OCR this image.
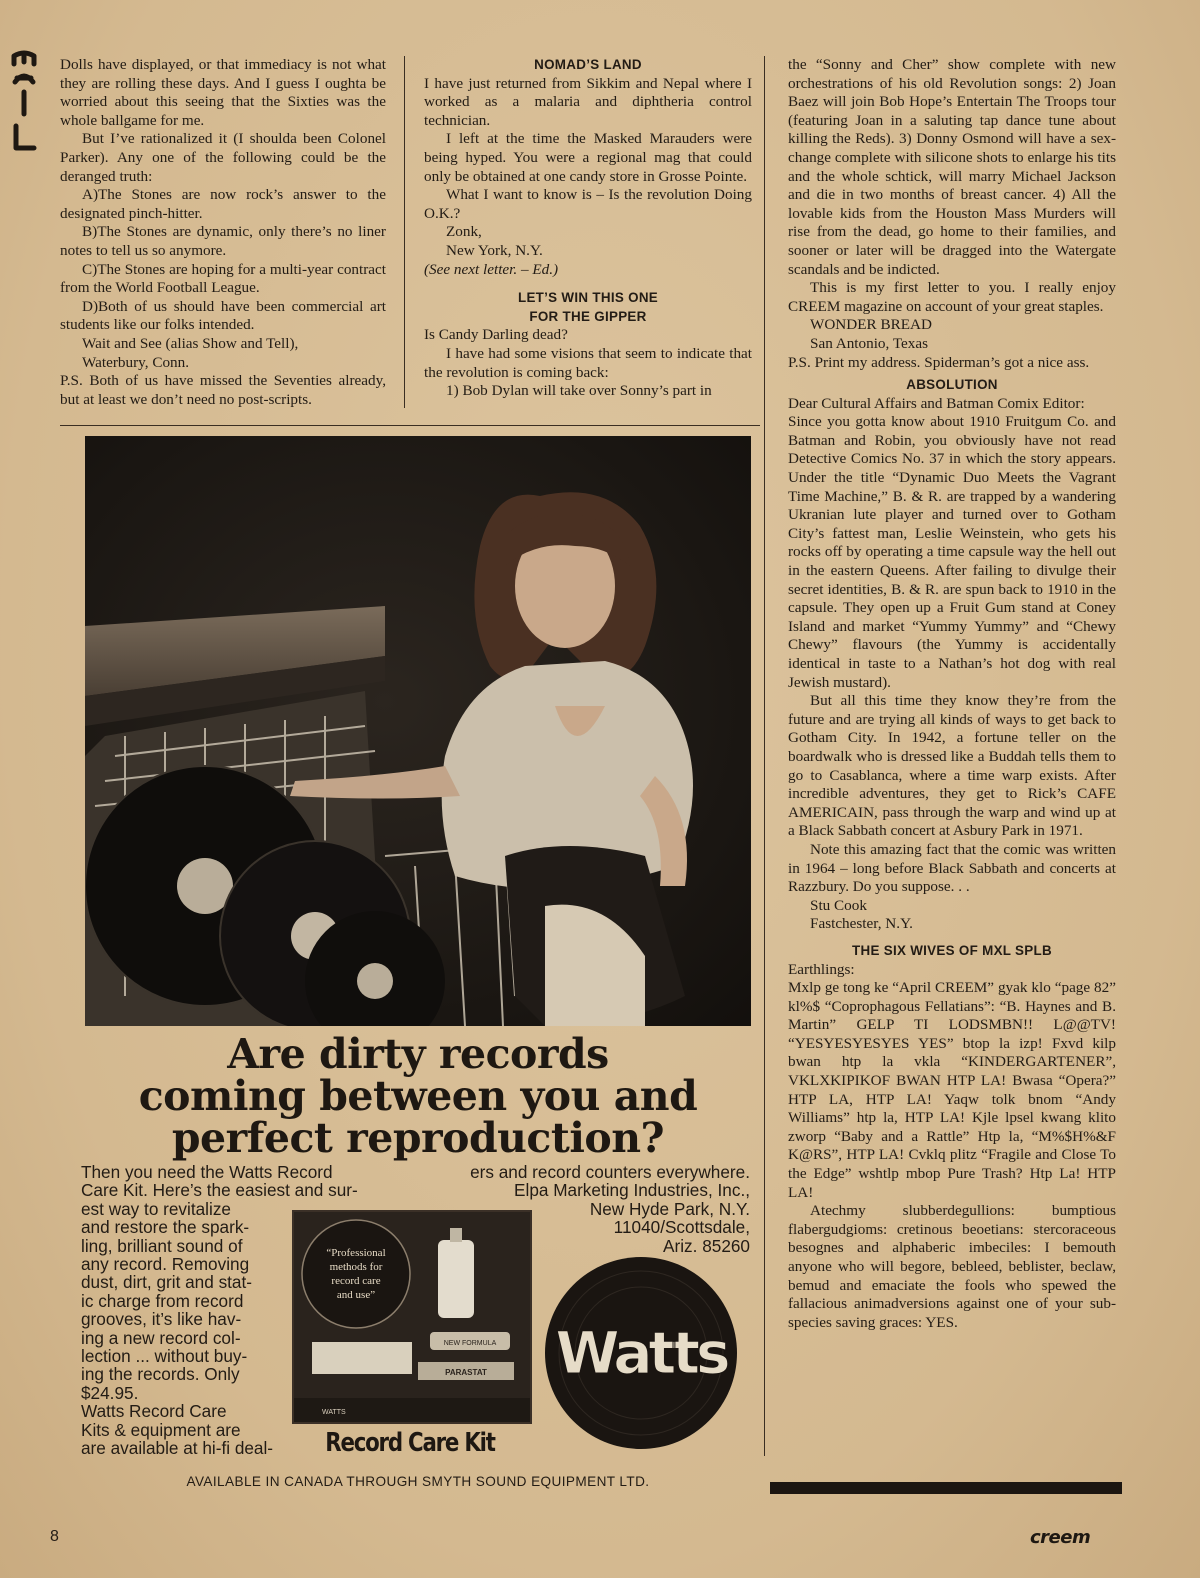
Dolls have displayed, or that immediacy is not what they are rolling these days. And I guess I oughta be worried about this seeing that the Sixties was the whole ballgame for me.

But I’ve rationalized it (I shoulda been Colonel Parker). Any one of the following could be the deranged truth:

A)The Stones are now rock’s answer to the designated pinch-hitter.

B)The Stones are dynamic, only there’s no liner notes to tell us so anymore.

C)The Stones are hoping for a multi-year contract from the World Football League.

D)Both of us should have been commercial art students like our folks intended.

Wait and See (alias Show and Tell),

Waterbury, Conn.

P.S. Both of us have missed the Seventies already, but at least we don’t need no post-scripts.

NOMAD’S LAND

I have just returned from Sikkim and Nepal where I worked as a malaria and diphtheria control technician.

I left at the time the Masked Marauders were being hyped. You were a regional mag that could only be obtained at one candy store in Grosse Pointe.

What I want to know is – Is the revolution Doing O.K.?

Zonk,

New York, N.Y.

(See next letter. – Ed.)

LET’S WIN THIS ONE
FOR THE GIPPER

Is Candy Darling dead?

I have had some visions that seem to indicate that the revolution is coming back:

1) Bob Dylan will take over Sonny’s part in

the “Sonny and Cher” show complete with new orchestrations of his old Revolution songs: 2) Joan Baez will join Bob Hope’s Entertain The Troops tour (featuring Joan in a saluting tap dance tune about killing the Reds). 3) Donny Osmond will have a sex-change complete with silicone shots to enlarge his tits and the whole schtick, will marry Michael Jackson and die in two months of breast cancer. 4) All the lovable kids from the Houston Mass Murders will rise from the dead, go home to their families, and sooner or later will be dragged into the Watergate scandals and be indicted.

This is my first letter to you. I really enjoy CREEM magazine on account of your great staples.

WONDER BREAD

San Antonio, Texas

P.S. Print my address. Spiderman’s got a nice ass.

ABSOLUTION

Dear Cultural Affairs and Batman Comix Editor:

Since you gotta know about 1910 Fruitgum Co. and Batman and Robin, you obviously have not read Detective Comics No. 37 in which the story appears. Under the title “Dynamic Duo Meets the Vagrant Time Machine,” B. & R. are trapped by a wandering Ukranian lute player and turned over to Gotham City’s fattest man, Leslie Weinstein, who gets his rocks off by operating a time capsule way the hell out in the eastern Queens. After failing to divulge their secret identities, B. & R. are spun back to 1910 in the capsule. They open up a Fruit Gum stand at Coney Island and market “Yummy Yummy” and “Chewy Chewy” flavours (the Yummy is accidentally identical in taste to a Nathan’s hot dog with real Jewish mustard).

But all this time they know they’re from the future and are trying all kinds of ways to get back to Gotham City. In 1942, a fortune teller on the boardwalk who is dressed like a Buddah tells them to go to Casablanca, where a time warp exists. After incredible adventures, they get to Rick’s CAFE AMERICAIN, pass through the warp and wind up at a Black Sabbath concert at Asbury Park in 1971.

Note this amazing fact that the comic was written in 1964 – long before Black Sabbath and concerts at Razzbury. Do you suppose. . .

Stu Cook

Fastchester, N.Y.

THE SIX WIVES OF MXL SPLB

Earthlings:

Mxlp ge tong ke “April CREEM” gyak klo “page 82” kl%$ “Coprophagous Fellatians”: “B. Haynes and B. Martin” GELP TI LODSMBN!! L@@TV! “YESYESYESYES YES” btop la izp! Fxvd kilp bwan htp la vkla “KINDERGARTENER”, VKLXKIPIKOF BWAN HTP LA! Bwasa “Opera?” HTP LA, HTP LA! Yaqw tolk bnom “Andy Williams” htp la, HTP LA! Kjle lpsel kwang klito zworp “Baby and a Rattle” Htp la, “M%$H%&F K@RS”, HTP LA! Cvklq plitz “Fragile and Close To the Edge” wshtlp mbop Pure Trash? Htp La! HTP LA!

Atechmy slubberdegullions: bumptious flabergudgioms: cretinous beoetians: stercoraceous besognes and alphaberic imbeciles: I bemouth anyone who will begore, bebleed, beblister, beclaw, bemud and emaciate the fools who spewed the fallacious animadversions against one of your sub-species saving graces: YES.

Are dirty records
coming between you and
perfect reproduction?
Then you need the Watts Record
Care Kit. Here’s the easiest and sur-
est way to revitalize
and restore the spark-
ling, brilliant sound of
any record. Removing
dust, dirt, grit and stat-
ic charge from record
grooves, it’s like hav-
ing a new record col-
lection ... without buy-
ing the records. Only
$24.95.
Watts Record Care
Kits & equipment are
are available at hi-fi deal-
ers and record counters everywhere.
Elpa Marketing Industries, Inc.,
New Hyde Park, N.Y.
11040/Scottsdale,
Ariz. 85260
“Professional
methods for
record care
and use”
NEW FORMULA
PARASTAT
WATTS
Record Care Kit
Watts
AVAILABLE IN CANADA THROUGH SMYTH SOUND EQUIPMENT LTD.
8	creem
